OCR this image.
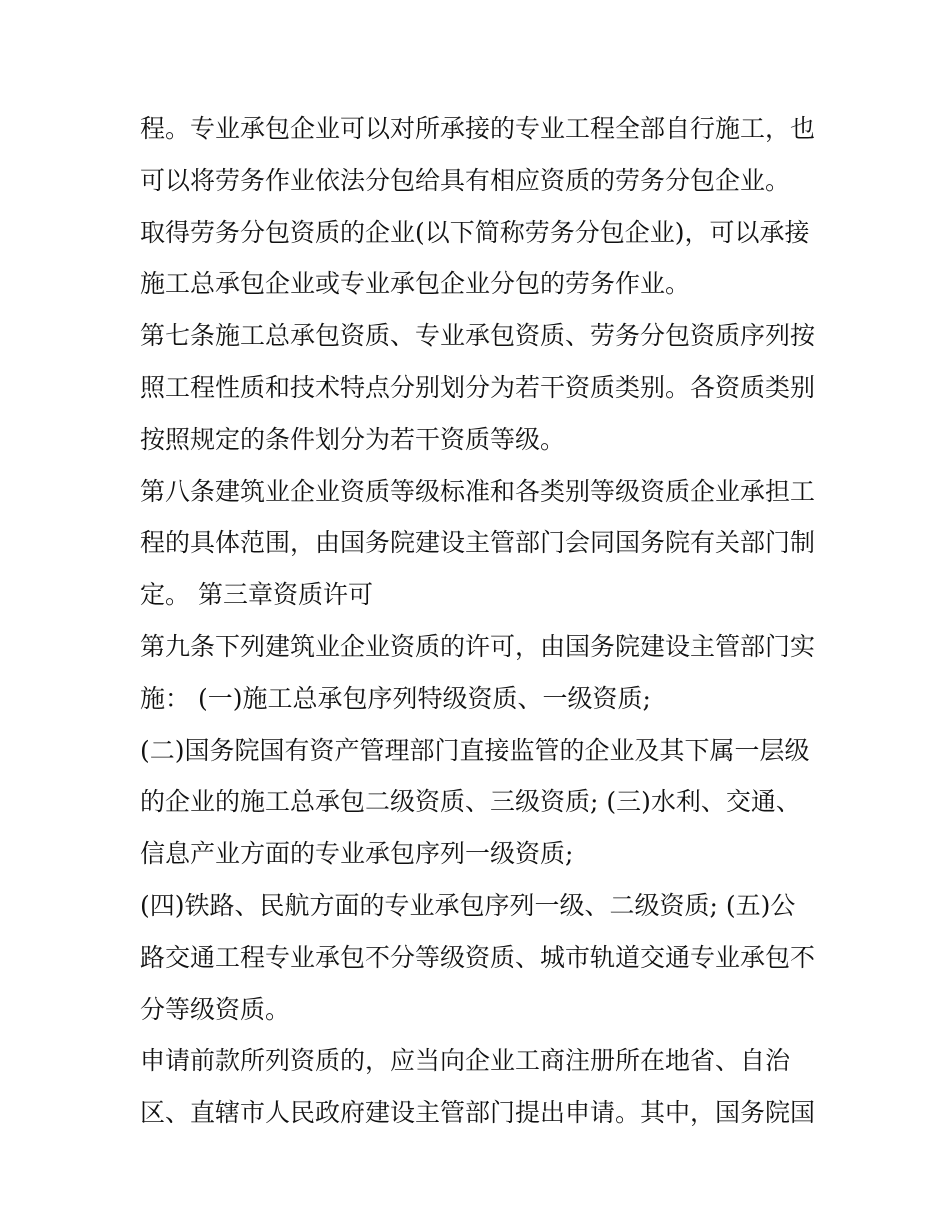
程。专业承包企业可以对所承接的专业工程全部自行施工，也

可以将劳务作业依法分包给具有相应资质的劳务分包企业。

取得劳务分包资质的企业(以下简称劳务分包企业)，可以承接

施工总承包企业或专业承包企业分包的劳务作业。

第七条施工总承包资质、专业承包资质、劳务分包资质序列按

照工程性质和技术特点分别划分为若干资质类别。各资质类别

按照规定的条件划分为若干资质等级。

第八条建筑业企业资质等级标准和各类别等级资质企业承担工

程的具体范围，由国务院建设主管部门会同国务院有关部门制

定。 第三章资质许可

第九条下列建筑业企业资质的许可，由国务院建设主管部门实

施： (一)施工总承包序列特级资质、一级资质;

(二)国务院国有资产管理部门直接监管的企业及其下属一层级

的企业的施工总承包二级资质、三级资质; (三)水利、交通、

信息产业方面的专业承包序列一级资质;

(四)铁路、民航方面的专业承包序列一级、二级资质; (五)公

路交通工程专业承包不分等级资质、城市轨道交通专业承包不

分等级资质。

申请前款所列资质的，应当向企业工商注册所在地省、自治

区、直辖市人民政府建设主管部门提出申请。其中，国务院国
